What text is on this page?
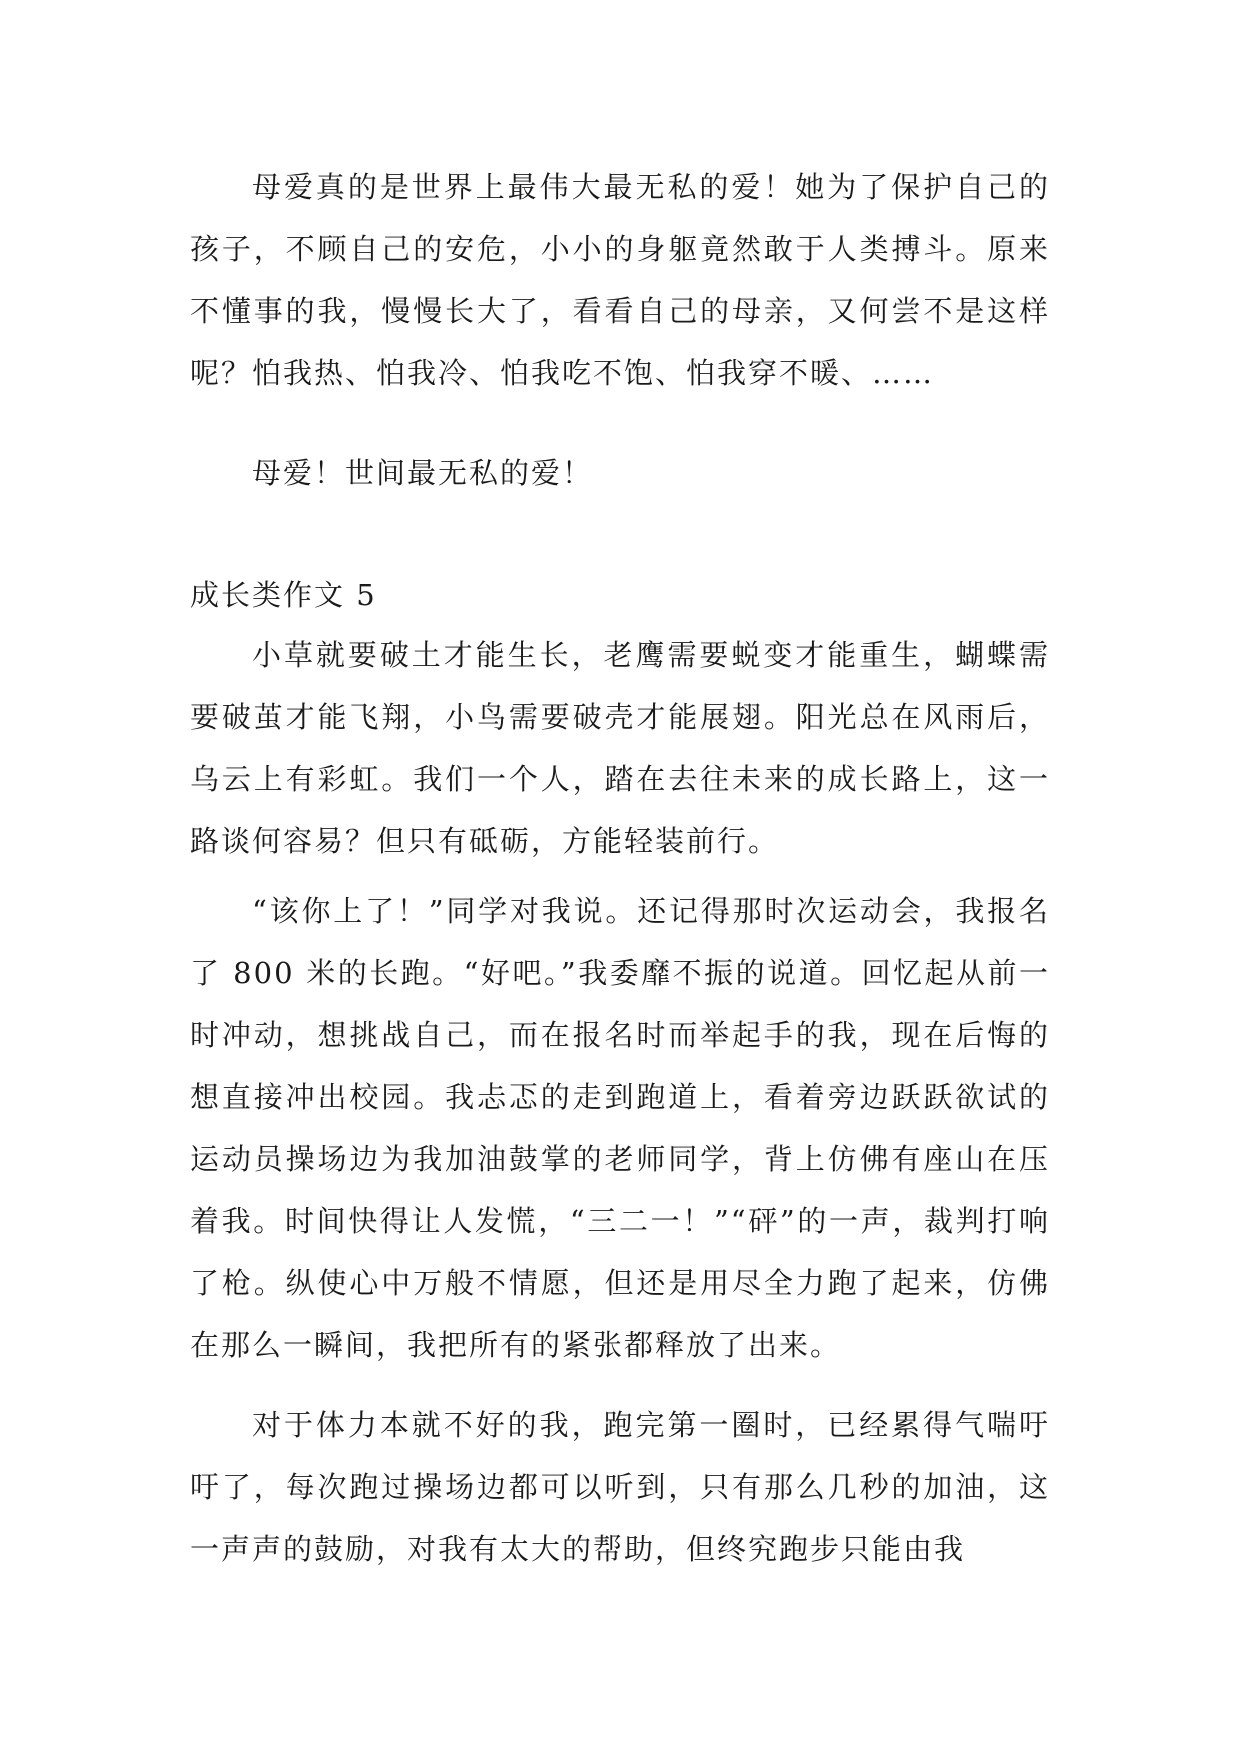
母爱真的是世界上最伟大最无私的爱！她为了保护自己的孩子，不顾自己的安危，小小的身躯竟然敢于人类搏斗。原来不懂事的我，慢慢长大了，看看自己的母亲，又何尝不是这样呢？怕我热、怕我冷、怕我吃不饱、怕我穿不暖、……

母爱！世间最无私的爱！

成长类作文 5

小草就要破土才能生长，老鹰需要蜕变才能重生，蝴蝶需要破茧才能飞翔，小鸟需要破壳才能展翅。阳光总在风雨后，乌云上有彩虹。我们一个人，踏在去往未来的成长路上，这一路谈何容易？但只有砥砺，方能轻装前行。

“该你上了！”同学对我说。还记得那时次运动会，我报名了 800 米的长跑。“好吧。”我委靡不振的说道。回忆起从前一时冲动，想挑战自己，而在报名时而举起手的我，现在后悔的想直接冲出校园。我忐忑的走到跑道上，看着旁边跃跃欲试的运动员操场边为我加油鼓掌的老师同学，背上仿佛有座山在压着我。时间快得让人发慌，“三二一！”“砰”的一声，裁判打响了枪。纵使心中万般不情愿，但还是用尽全力跑了起来，仿佛在那么一瞬间，我把所有的紧张都释放了出来。

对于体力本就不好的我，跑完第一圈时，已经累得气喘吁吁了，每次跑过操场边都可以听到，只有那么几秒的加油，这一声声的鼓励，对我有太大的帮助，但终究跑步只能由我
